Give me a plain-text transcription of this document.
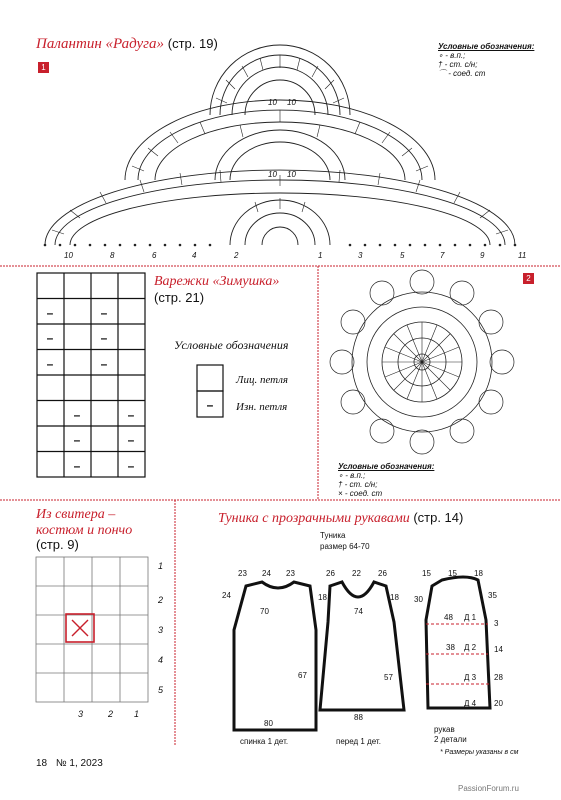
Палантин «Радуга» (стр. 19)
1
Условные обозначения:
∘ - в.п.;
† - ст. с/н;
⌒ - соед. ст
10	8	6	4	2	1	3	5	7	9	11
10 10
10 10
–	–
–	–
–	–
–	–
–	–
–	–
Варежки «Зимушка»
(стр. 21)
Условные обозначения
–
Лиц. петля
Изн. петля
2
Условные обозначения:
∘ - в.п.;
† - ст. с/н;
× - соед. ст
Из свитера –
костюм и пончо
(стр. 9)
1
2
3
4
5
3	2 1
Туника с прозрачными рукавами (стр. 14)
Туника
размер 64-70
23 24 23
24
70
67
80
спинка 1 дет.
26 22 26
18	18
74
57
88
перед 1 дет.
15 15 18
30	35
48 Д 1
38 Д 2
Д 3
Д 4
3
14
28
20
рукав
2 детали
* Размеры указаны в см
18 № 1, 2023
PassionForum.ru
